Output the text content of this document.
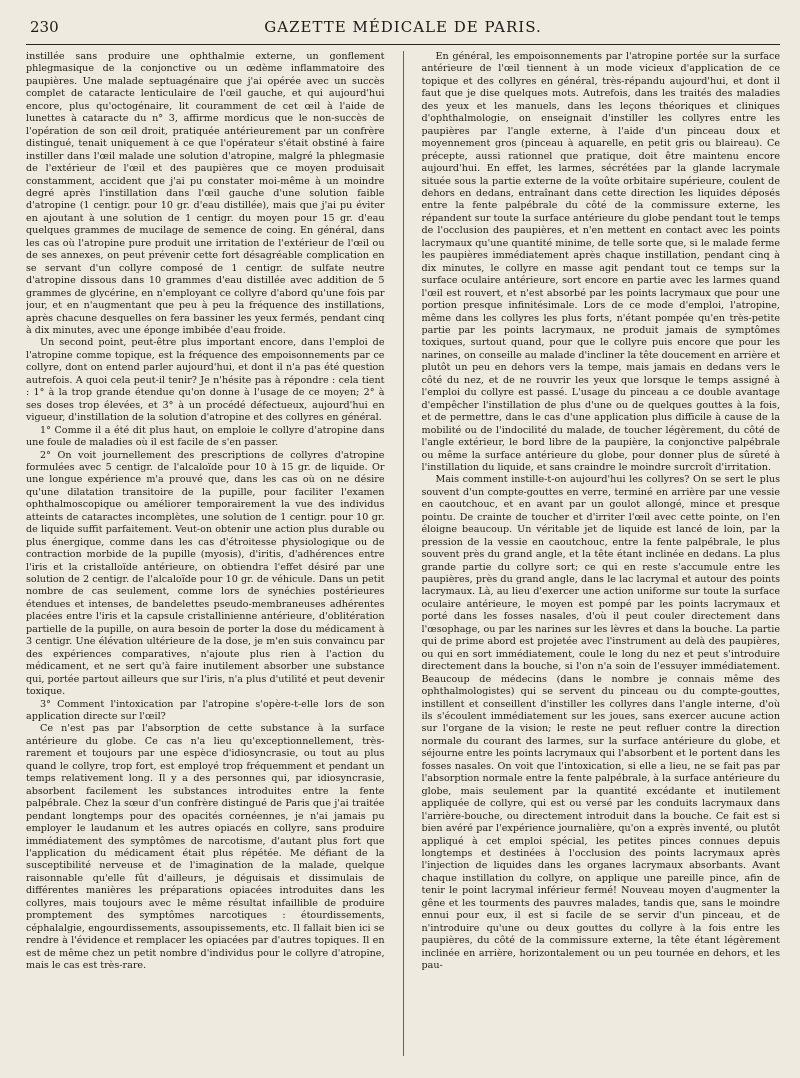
230	GAZETTE MÉDICALE DE PARIS.

instillée sans produire une ophthalmie externe, un gonflement phlegmasique de la conjonctive ou un œdème inflammatoire des paupières. Une malade septuagénaire que j'ai opérée avec un succès complet de cataracte lenticulaire de l'œil gauche, et qui aujourd'hui encore, plus qu'octogénaire, lit couramment de cet œil à l'aide de lunettes à cataracte du n° 3, affirme mordicus que le non-succès de l'opération de son œil droit, pratiquée antérieurement par un confrère distingué, tenait uniquement à ce que l'opérateur s'était obstiné à faire instiller dans l'œil malade une solution d'atropine, malgré la phlegmasie de l'extérieur de l'œil et des paupières que ce moyen produisait constamment, accident que j'ai pu constater moi-même à un moindre degré après l'instillation dans l'œil gauche d'une solution faible d'atropine (1 centigr. pour 10 gr. d'eau distillée), mais que j'ai pu éviter en ajoutant à une solution de 1 centigr. du moyen pour 15 gr. d'eau quelques grammes de mucilage de semence de coing. En général, dans les cas où l'atropine pure produit une irritation de l'extérieur de l'œil ou de ses annexes, on peut prévenir cette fort désagréable complication en se servant d'un collyre composé de 1 centigr. de sulfate neutre d'atropine dissous dans 10 grammes d'eau distillée avec addition de 5 grammes de glycérine, en n'employant ce collyre d'abord qu'une fois par jour, et en n'augmentant que peu à peu la fréquence des instillations, après chacune desquelles on fera bassiner les yeux fermés, pendant cinq à dix minutes, avec une éponge imbibée d'eau froide.

Un second point, peut-être plus important encore, dans l'emploi de l'atropine comme topique, est la fréquence des empoisonnements par ce collyre, dont on entend parler aujourd'hui, et dont il n'a pas été question autrefois. A quoi cela peut-il tenir? Je n'hésite pas à répondre : cela tient : 1° à la trop grande étendue qu'on donne à l'usage de ce moyen; 2° à ses doses trop élevées, et 3° à un procédé défectueux, aujourd'hui en vigueur, d'instillation de la solution d'atropine et des collyres en général.

1° Comme il a été dit plus haut, on emploie le collyre d'atropine dans une foule de maladies où il est facile de s'en passer.

2° On voit journellement des prescriptions de collyres d'atropine formulées avec 5 centigr. de l'alcaloïde pour 10 à 15 gr. de liquide. Or une longue expérience m'a prouvé que, dans les cas où on ne désire qu'une dilatation transitoire de la pupille, pour faciliter l'examen ophthalmoscopique ou améliorer temporairement la vue des individus atteints de cataractes incomplètes, une solution de 1 centigr. pour 10 gr. de liquide suffit parfaitement. Veut-on obtenir une action plus durable ou plus énergique, comme dans les cas d'étroitesse physiologique ou de contraction morbide de la pupille (myosis), d'iritis, d'adhérences entre l'iris et la cristalloïde antérieure, on obtiendra l'effet désiré par une solution de 2 centigr. de l'alcaloïde pour 10 gr. de véhicule. Dans un petit nombre de cas seulement, comme lors de synéchies postérieures étendues et intenses, de bandelettes pseudo-membraneuses adhérentes placées entre l'iris et la capsule cristallinienne antérieure, d'oblitération partielle de la pupille, on aura besoin de porter la dose du médicament à 3 centigr. Une élévation ultérieure de la dose, je m'en suis convaincu par des expériences comparatives, n'ajoute plus rien à l'action du médicament, et ne sert qu'à faire inutilement absorber une substance qui, portée partout ailleurs que sur l'iris, n'a plus d'utilité et peut devenir toxique.

3° Comment l'intoxication par l'atropine s'opère-t-elle lors de son application directe sur l'œil?

Ce n'est pas par l'absorption de cette substance à la surface antérieure du globe. Ce cas n'a lieu qu'exceptionnellement, très-rarement et toujours par une espèce d'idiosyncrasie, ou tout au plus quand le collyre, trop fort, est employé trop fréquemment et pendant un temps relativement long. Il y a des personnes qui, par idiosyncrasie, absorbent facilement les substances introduites entre la fente palpébrale. Chez la sœur d'un confrère distingué de Paris que j'ai traitée pendant longtemps pour des opacités cornéennes, je n'ai jamais pu employer le laudanum et les autres opiacés en collyre, sans produire immédiatement des symptômes de narcotisme, d'autant plus fort que l'application du médicament était plus répétée. Me défiant de la susceptibilité nerveuse et de l'imagination de la malade, quelque raisonnable qu'elle fût d'ailleurs, je déguisais et dissimulais de différentes manières les préparations opiacées introduites dans les collyres, mais toujours avec le même résultat infaillible de produire promptement des symptômes narcotiques : étourdissements, céphalalgie, engourdissements, assoupissements, etc. Il fallait bien ici se rendre à l'évidence et remplacer les opiacées par d'autres topiques. Il en est de même chez un petit nombre d'individus pour le collyre d'atropine, mais le cas est très-rare.

En général, les empoisonnements par l'atropine portée sur la surface antérieure de l'œil tiennent à un mode vicieux d'application de ce topique et des collyres en général, très-répandu aujourd'hui, et dont il faut que je dise quelques mots. Autrefois, dans les traités des maladies des yeux et les manuels, dans les leçons théoriques et cliniques d'ophthalmologie, on enseignait d'instiller les collyres entre les paupières par l'angle externe, à l'aide d'un pinceau doux et moyennement gros (pinceau à aquarelle, en petit gris ou blaireau). Ce précepte, aussi rationnel que pratique, doit être maintenu encore aujourd'hui. En effet, les larmes, sécrétées par la glande lacrymale située sous la partie externe de la voûte orbitaire supérieure, coulent de dehors en dedans, entraînant dans cette direction les liquides déposés entre la fente palpébrale du côté de la commissure externe, les répandent sur toute la surface antérieure du globe pendant tout le temps de l'occlusion des paupières, et n'en mettent en contact avec les points lacrymaux qu'une quantité minime, de telle sorte que, si le malade ferme les paupières immédiatement après chaque instillation, pendant cinq à dix minutes, le collyre en masse agit pendant tout ce temps sur la surface oculaire antérieure, sort encore en partie avec les larmes quand l'œil est rouvert, et n'est absorbé par les points lacrymaux que pour une portion presque infinitésimale. Lors de ce mode d'emploi, l'atropine, même dans les collyres les plus forts, n'étant pompée qu'en très-petite partie par les points lacrymaux, ne produit jamais de symptômes toxiques, surtout quand, pour que le collyre puis encore que pour les narines, on conseille au malade d'incliner la tête doucement en arrière et plutôt un peu en dehors vers la tempe, mais jamais en dedans vers le côté du nez, et de ne rouvrir les yeux que lorsque le temps assigné à l'emploi du collyre est passé. L'usage du pinceau a ce double avantage d'empêcher l'instillation de plus d'une ou de quelques gouttes à la fois, et de permettre, dans le cas d'une application plus difficile à cause de la mobilité ou de l'indocilité du malade, de toucher légèrement, du côté de l'angle extérieur, le bord libre de la paupière, la conjonctive palpébrale ou même la surface antérieure du globe, pour donner plus de sûreté à l'instillation du liquide, et sans craindre le moindre surcroît d'irritation.

Mais comment instille-t-on aujourd'hui les collyres? On se sert le plus souvent d'un compte-gouttes en verre, terminé en arrière par une vessie en caoutchouc, et en avant par un goulot allongé, mince et presque pointu. De crainte de toucher et d'irriter l'œil avec cette pointe, on l'en éloigne beaucoup. Un véritable jet de liquide est lancé de loin, par la pression de la vessie en caoutchouc, entre la fente palpébrale, le plus souvent près du grand angle, et la tête étant inclinée en dedans. La plus grande partie du collyre sort; ce qui en reste s'accumule entre les paupières, près du grand angle, dans le lac lacrymal et autour des points lacrymaux. Là, au lieu d'exercer une action uniforme sur toute la surface oculaire antérieure, le moyen est pompé par les points lacrymaux et porté dans les fosses nasales, d'où il peut couler directement dans l'œsophage, ou par les narines sur les lèvres et dans la bouche. La partie qui de prime abord est projetée avec l'instrument au delà des paupières, ou qui en sort immédiatement, coule le long du nez et peut s'introduire directement dans la bouche, si l'on n'a soin de l'essuyer immédiatement. Beaucoup de médecins (dans le nombre je connais même des ophthalmologistes) qui se servent du pinceau ou du compte-gouttes, instillent et conseillent d'instiller les collyres dans l'angle interne, d'où ils s'écoulent immédiatement sur les joues, sans exercer aucune action sur l'organe de la vision; le reste ne peut refluer contre la direction normale du courant des larmes, sur la surface antérieure du globe, et séjourne entre les points lacrymaux qui l'absorbent et le portent dans les fosses nasales. On voit que l'intoxication, si elle a lieu, ne se fait pas par l'absorption normale entre la fente palpébrale, à la surface antérieure du globe, mais seulement par la quantité excédante et inutilement appliquée de collyre, qui est ou versé par les conduits lacrymaux dans l'arrière-bouche, ou directement introduit dans la bouche. Ce fait est si bien avéré par l'expérience journalière, qu'on a exprès inventé, ou plutôt appliqué à cet emploi spécial, les petites pinces connues depuis longtemps et destinées à l'occlusion des points lacrymaux après l'injection de liquides dans les organes lacrymaux absorbants. Avant chaque instillation du collyre, on applique une pareille pince, afin de tenir le point lacrymal inférieur fermé! Nouveau moyen d'augmenter la gêne et les tourments des pauvres malades, tandis que, sans le moindre ennui pour eux, il est si facile de se servir d'un pinceau, et de n'introduire qu'une ou deux gouttes du collyre à la fois entre les paupières, du côté de la commissure externe, la tête étant légèrement inclinée en arrière, horizontalement ou un peu tournée en dehors, et les pau-
